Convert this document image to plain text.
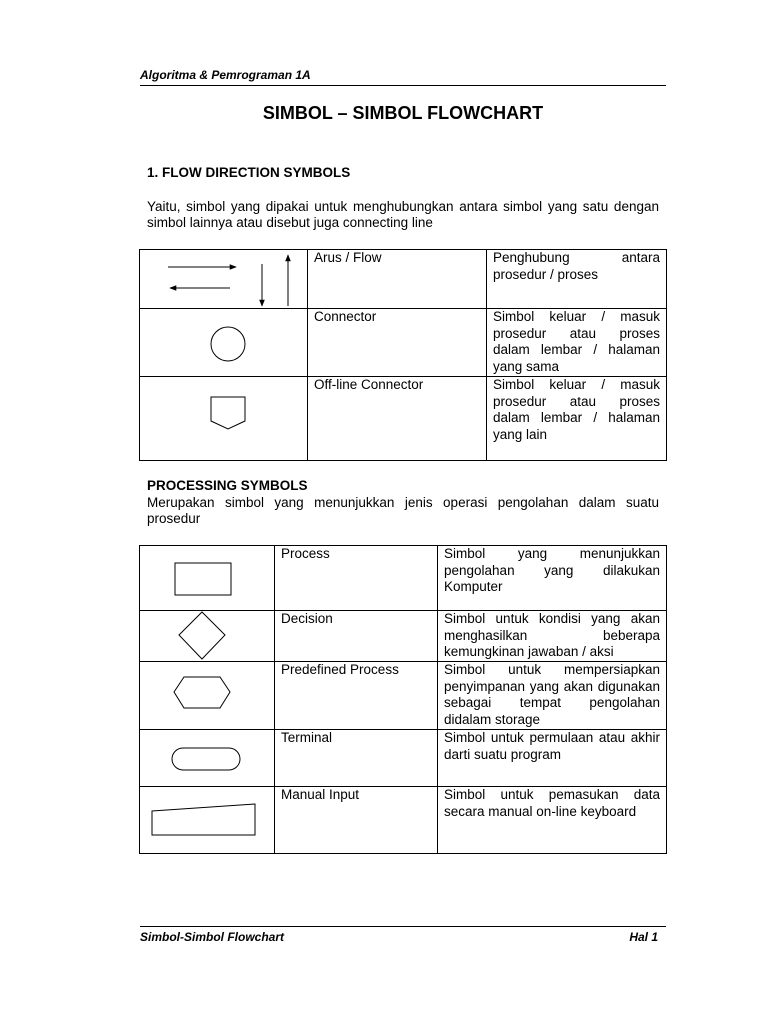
Algoritma & Pemrograman 1A
SIMBOL – SIMBOL FLOWCHART
1. FLOW DIRECTION SYMBOLS
Yaitu, simbol yang dipakai untuk menghubungkan antara simbol yang satu dengan simbol lainnya atau disebut juga connecting line
	Arus / Flow	Penghubung antara prosedur / proses

	Connector	Simbol keluar / masuk prosedur atau proses dalam lembar / halaman yang sama

	Off-line Connector	Simbol keluar / masuk prosedur atau proses dalam lembar / halaman yang lain
PROCESSING SYMBOLS
Merupakan simbol yang menunjukkan jenis operasi pengolahan dalam suatu prosedur
	Process	Simbol yang menunjukkan pengolahan yang dilakukan Komputer

	Decision	Simbol untuk kondisi yang akan menghasilkan beberapa kemungkinan jawaban / aksi

	Predefined Process	Simbol untuk mempersiapkan penyimpanan yang akan digunakan sebagai tempat pengolahan didalam storage

	Terminal	Simbol untuk permulaan atau akhir darti suatu program

	Manual Input	Simbol untuk pemasukan data secara manual on-line keyboard
Simbol-Simbol Flowchart	Hal 1
